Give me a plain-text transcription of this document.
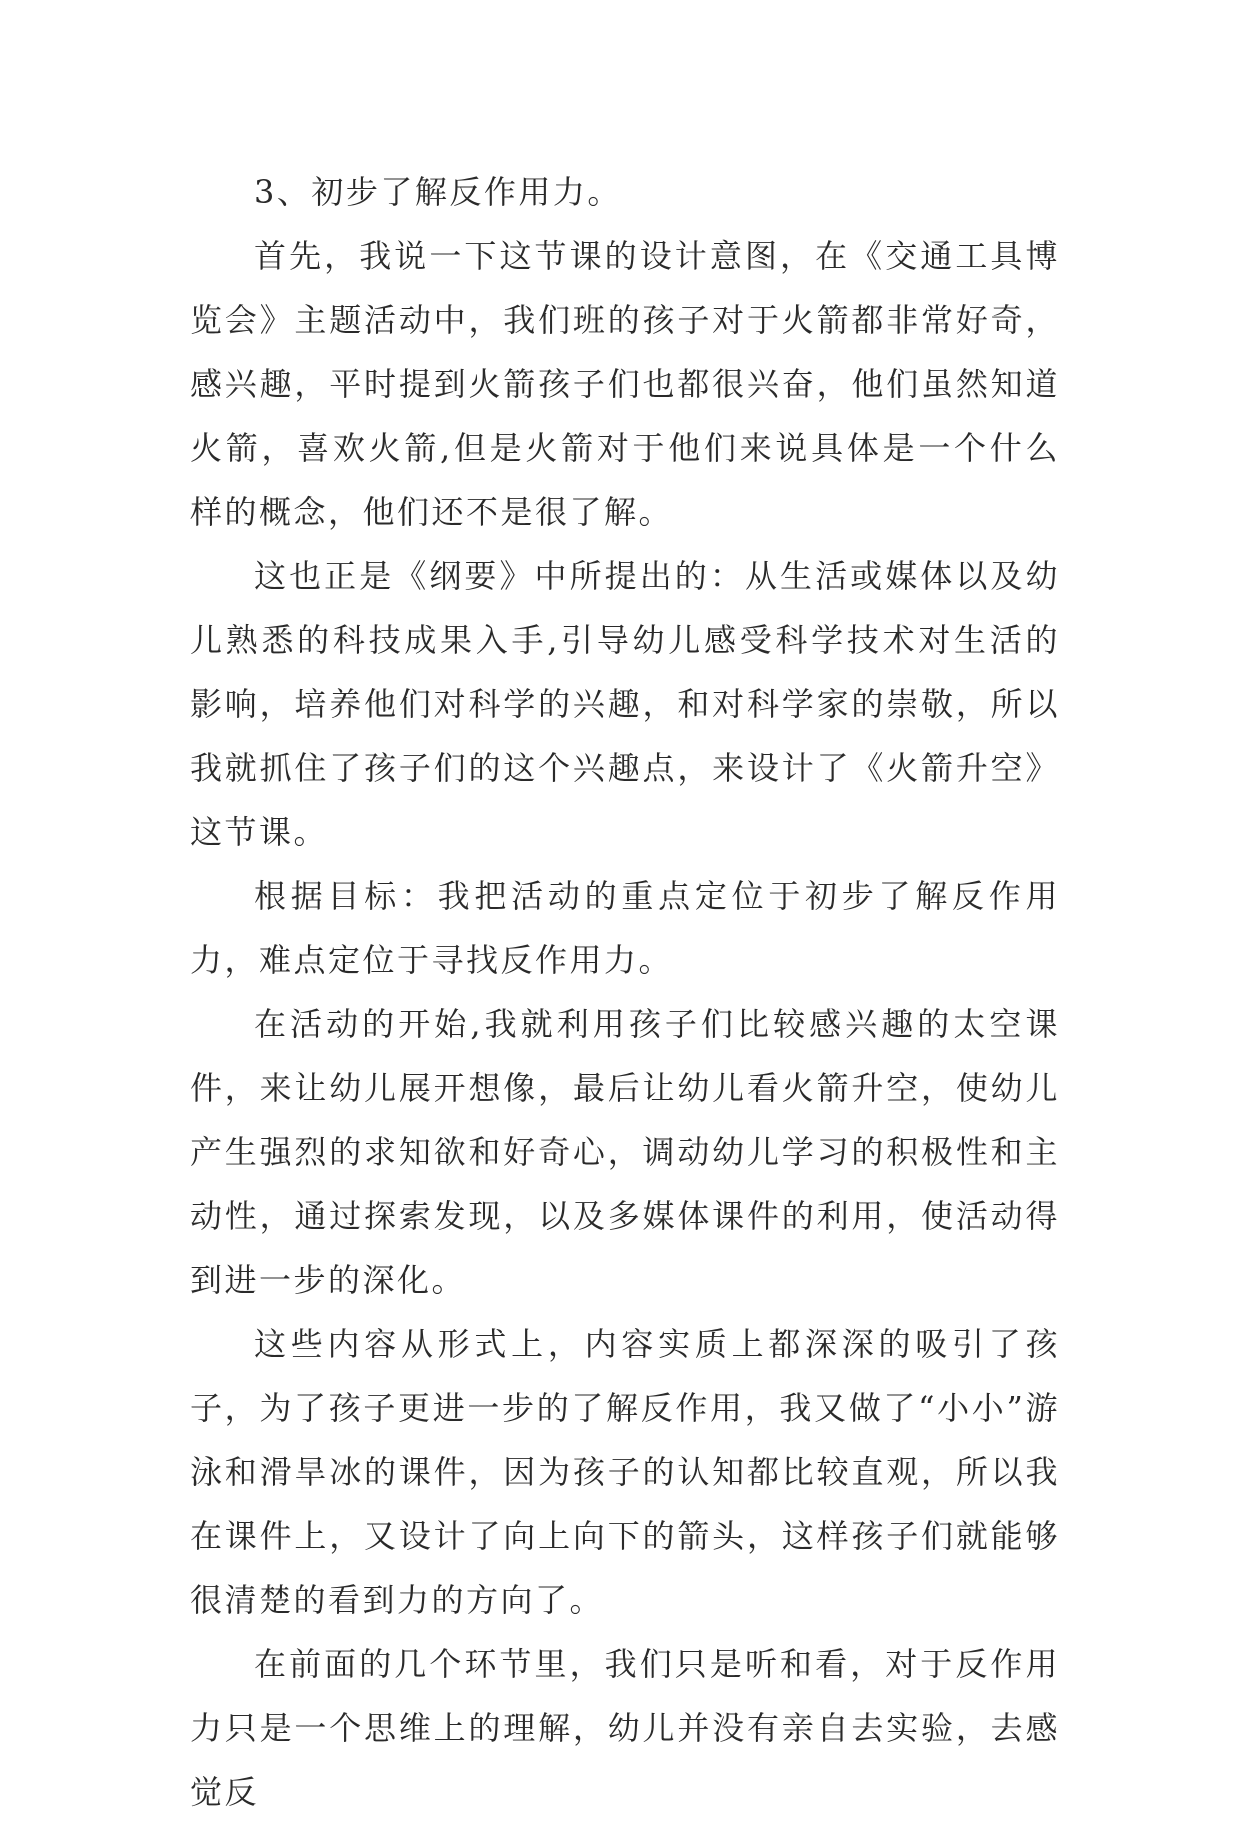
3、初步了解反作用力。

首先，我说一下这节课的设计意图，在《交通工具博览会》主题活动中，我们班的孩子对于火箭都非常好奇，感兴趣，平时提到火箭孩子们也都很兴奋，他们虽然知道火箭，喜欢火箭,但是火箭对于他们来说具体是一个什么样的概念，他们还不是很了解。

这也正是《纲要》中所提出的：从生活或媒体以及幼儿熟悉的科技成果入手,引导幼儿感受科学技术对生活的影响，培养他们对科学的兴趣，和对科学家的崇敬，所以我就抓住了孩子们的这个兴趣点，来设计了《火箭升空》这节课。

根据目标：我把活动的重点定位于初步了解反作用力，难点定位于寻找反作用力。

在活动的开始,我就利用孩子们比较感兴趣的太空课件，来让幼儿展开想像，最后让幼儿看火箭升空，使幼儿产生强烈的求知欲和好奇心，调动幼儿学习的积极性和主动性，通过探索发现，以及多媒体课件的利用，使活动得到进一步的深化。

这些内容从形式上，内容实质上都深深的吸引了孩子，为了孩子更进一步的了解反作用，我又做了“小小”游泳和滑旱冰的课件，因为孩子的认知都比较直观，所以我在课件上，又设计了向上向下的箭头，这样孩子们就能够很清楚的看到力的方向了。

在前面的几个环节里，我们只是听和看，对于反作用力只是一个思维上的理解，幼儿并没有亲自去实验，去感觉反
